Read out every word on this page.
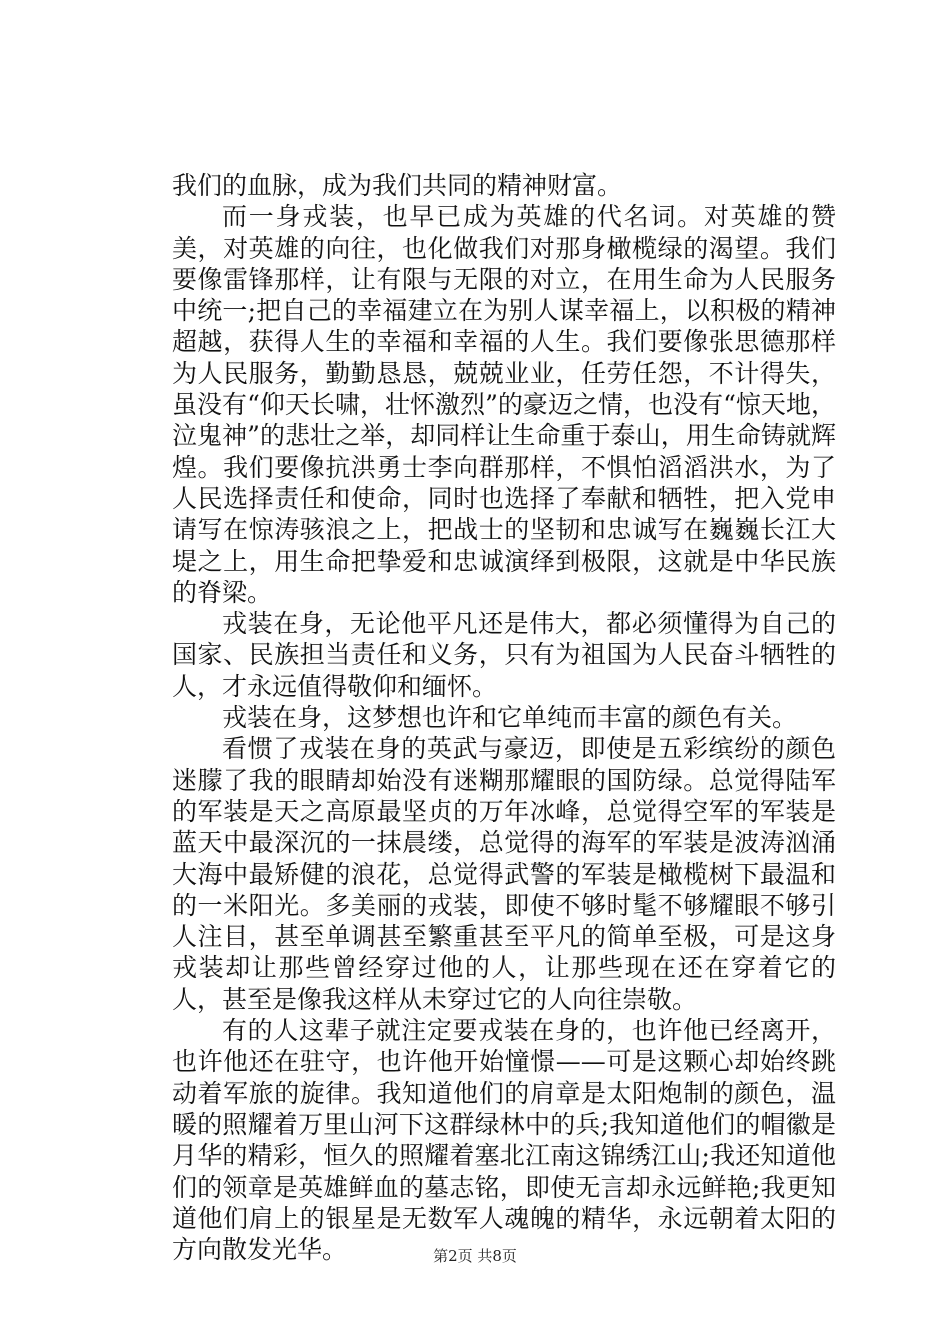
我们的血脉，成为我们共同的精神财富。

而一身戎装，也早已成为英雄的代名词。对英雄的赞美，对英雄的向往，也化做我们对那身橄榄绿的渴望。我们要像雷锋那样，让有限与无限的对立，在用生命为人民服务中统一;把自己的幸福建立在为别人谋幸福上，以积极的精神超越，获得人生的幸福和幸福的人生。我们要像张思德那样为人民服务，勤勤恳恳，兢兢业业，任劳任怨，不计得失，虽没有“仰天长啸，壮怀激烈”的豪迈之情，也没有“惊天地，泣鬼神”的悲壮之举，却同样让生命重于泰山，用生命铸就辉煌。我们要像抗洪勇士李向群那样，不惧怕滔滔洪水，为了人民选择责任和使命，同时也选择了奉献和牺牲，把入党申请写在惊涛骇浪之上，把战士的坚韧和忠诚写在巍巍长江大堤之上，用生命把挚爱和忠诚演绎到极限，这就是中华民族的脊梁。

戎装在身，无论他平凡还是伟大，都必须懂得为自己的国家、民族担当责任和义务，只有为祖国为人民奋斗牺牲的人，才永远值得敬仰和缅怀。

戎装在身，这梦想也许和它单纯而丰富的颜色有关。

看惯了戎装在身的英武与豪迈，即使是五彩缤纷的颜色迷朦了我的眼睛却始没有迷糊那耀眼的国防绿。总觉得陆军的军装是天之高原最坚贞的万年冰峰，总觉得空军的军装是蓝天中最深沉的一抹晨缕，总觉得的海军的军装是波涛汹涌大海中最矫健的浪花，总觉得武警的军装是橄榄树下最温和的一米阳光。多美丽的戎装，即使不够时髦不够耀眼不够引人注目，甚至单调甚至繁重甚至平凡的简单至极，可是这身戎装却让那些曾经穿过他的人，让那些现在还在穿着它的人，甚至是像我这样从未穿过它的人向往崇敬。

有的人这辈子就注定要戎装在身的，也许他已经离开，也许他还在驻守，也许他开始憧憬——可是这颗心却始终跳动着军旅的旋律。我知道他们的肩章是太阳炮制的颜色，温暖的照耀着万里山河下这群绿林中的兵;我知道他们的帽徽是月华的精彩，恒久的照耀着塞北江南这锦绣江山;我还知道他们的领章是英雄鲜血的墓志铭，即使无言却永远鲜艳;我更知道他们肩上的银星是无数军人魂魄的精华，永远朝着太阳的方向散发光华。	第2页 共8页
